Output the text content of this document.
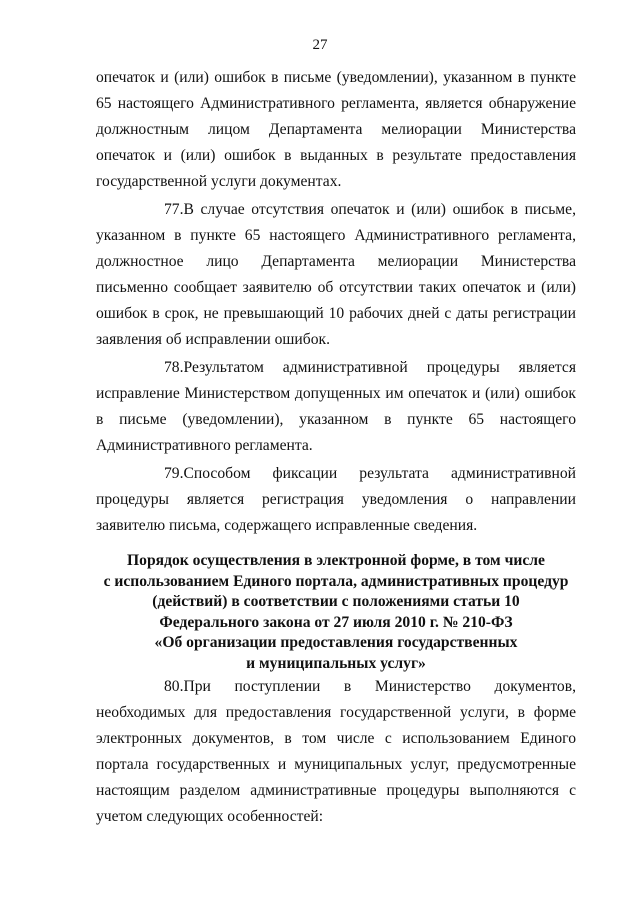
27

опечаток и (или) ошибок в письме (уведомлении), указанном в пункте 65 настоящего Административного регламента, является обнаружение должностным лицом Департамента мелиорации Министерства опечаток и (или) ошибок в выданных в результате предоставления государственной услуги документах.

77.В случае отсутствия опечаток и (или) ошибок в письме, указанном в пункте 65 настоящего Административного регламента, должностное лицо Департамента мелиорации Министерства письменно сообщает заявителю об отсутствии таких опечаток и (или) ошибок в срок, не превышающий 10 рабочих дней с даты регистрации заявления об исправлении ошибок.

78.Результатом административной процедуры является исправление Министерством допущенных им опечаток и (или) ошибок в письме (уведомлении), указанном в пункте 65 настоящего Административного регламента.

79.Способом фиксации результата административной процедуры является регистрация уведомления о направлении заявителю письма, содержащего исправленные сведения.

Порядок осуществления в электронной форме, в том числе
с использованием Единого портала, административных процедур
(действий) в соответствии с положениями статьи 10
Федерального закона от 27 июля 2010 г. № 210-ФЗ
«Об организации предоставления государственных
и муниципальных услуг»

80.При поступлении в Министерство документов, необходимых для предоставления государственной услуги, в форме электронных документов, в том числе с использованием Единого портала государственных и муниципальных услуг, предусмотренные настоящим разделом административные процедуры выполняются с учетом следующих особенностей:
